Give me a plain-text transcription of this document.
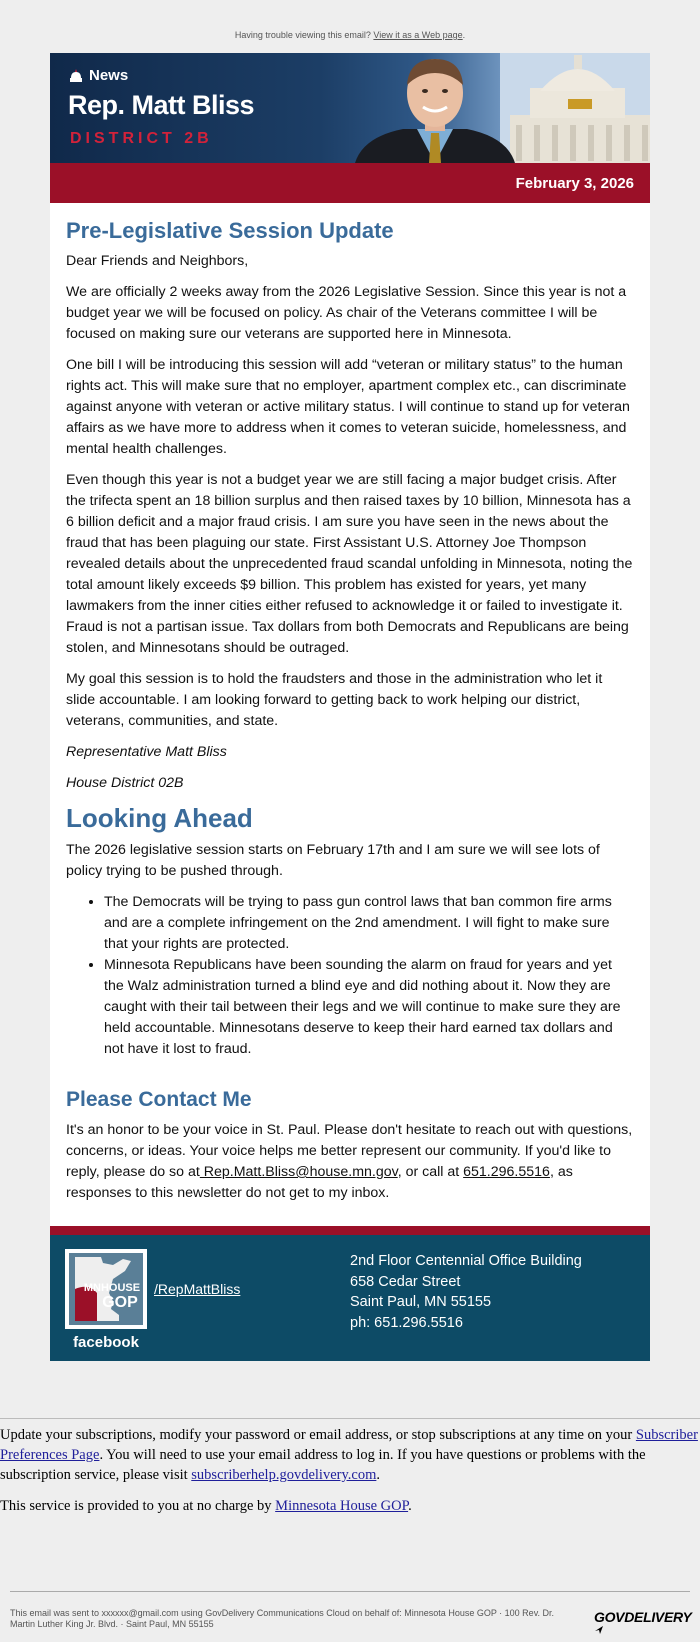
Having trouble viewing this email? View it as a Web page.
News
Rep. Matt Bliss
DISTRICT 2B
February 3, 2026
Pre-Legislative Session Update

Dear Friends and Neighbors,

We are officially 2 weeks away from the 2026 Legislative Session. Since this year is not a budget year we will be focused on policy. As chair of the Veterans committee I will be focused on making sure our veterans are supported here in Minnesota.

One bill I will be introducing this session will add “veteran or military status” to the human rights act. This will make sure that no employer, apartment complex etc., can discriminate against anyone with veteran or active military status. I will continue to stand up for veteran affairs as we have more to address when it comes to veteran suicide, homelessness, and mental health challenges.

Even though this year is not a budget year we are still facing a major budget crisis. After the trifecta spent an 18 billion surplus and then raised taxes by 10 billion, Minnesota has a 6 billion deficit and a major fraud crisis. I am sure you have seen in the news about the fraud that has been plaguing our state. First Assistant U.S. Attorney Joe Thompson revealed details about the unprecedented fraud scandal unfolding in Minnesota, noting the total amount likely exceeds $9 billion. This problem has existed for years, yet many lawmakers from the inner cities either refused to acknowledge it or failed to investigate it. Fraud is not a partisan issue. Tax dollars from both Democrats and Republicans are being stolen, and Minnesotans should be outraged.

My goal this session is to hold the fraudsters and those in the administration who let it slide accountable. I am looking forward to getting back to work helping our district, veterans, communities, and state.

Representative Matt Bliss

House District 02B

Looking Ahead

The 2026 legislative session starts on February 17th and I am sure we will see lots of policy trying to be pushed through.

• The Democrats will be trying to pass gun control laws that ban common fire arms and are a complete infringement on the 2nd amendment. I will fight to make sure that your rights are protected.
• Minnesota Republicans have been sounding the alarm on fraud for years and yet the Walz administration turned a blind eye and did nothing about it. Now they are caught with their tail between their legs and we will continue to make sure they are held accountable. Minnesotans deserve to keep their hard earned tax dollars and not have it lost to fraud.
Please Contact Me

It's an honor to be your voice in St. Paul. Please don't hesitate to reach out with questions, concerns, or ideas. Your voice helps me better represent our community. If you'd like to reply, please do so at Rep.Matt.Bliss@house.mn.gov, or call at 651.296.5516, as responses to this newsletter do not get to my inbox.

MNHOUSE
GOP
facebook
/RepMattBliss
2nd Floor Centennial Office Building
658 Cedar Street
Saint Paul, MN 55155
ph: 651.296.5516

Update your subscriptions, modify your password or email address, or stop subscriptions at any time on your Subscriber Preferences Page. You will need to use your email address to log in. If you have questions or problems with the subscription service, please visit subscriberhelp.govdelivery.com.

This service is provided to you at no charge by Minnesota House GOP.

This email was sent to xxxxxx@gmail.com using GovDelivery Communications Cloud on behalf of: Minnesota House GOP · 100 Rev. Dr. Martin Luther King Jr. Blvd. · Saint Paul, MN 55155	GOVDELIVERY
